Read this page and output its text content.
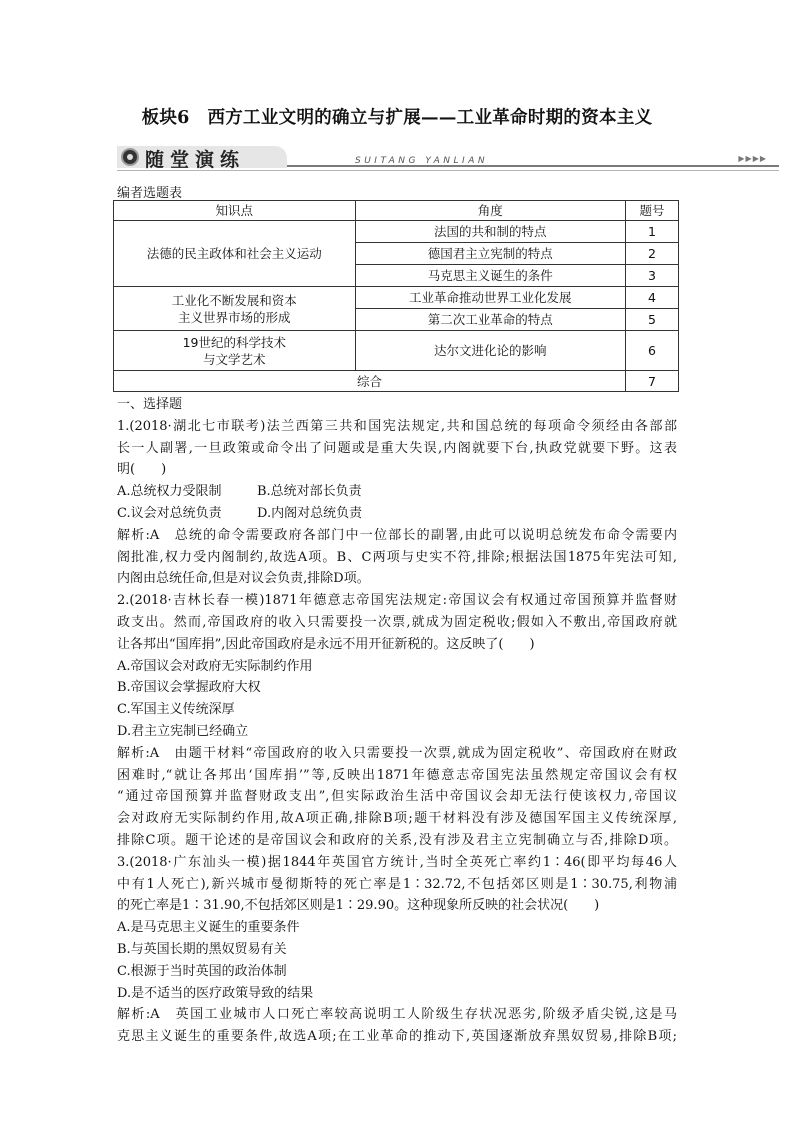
板块6　西方工业文明的确立与扩展——工业革命时期的资本主义
随堂演练	SUITANG YANLIAN	▶▶▶▶
编者选题表
知识点	角度	题号
法德的民主政体和社会主义运动	法国的共和制的特点	1
	德国君主立宪制的特点	2
	马克思主义诞生的条件	3

工业化不断发展和资本
主义世界市场的形成	工业革命推动世界工业化发展	4
	第二次工业革命的特点	5

19世纪的科学技术
与文学艺术	达尔文进化论的影响	6
综合		7

一、选择题

1.(2018·湖北七市联考)法兰西第三共和国宪法规定,共和国总统的每项命令须经由各部部

长一人副署,一旦政策或命令出了问题或是重大失误,内阁就要下台,执政党就要下野。这表

明(　　)

A.总统权力受限制	B.总统对部长负责

C.议会对总统负责	D.内阁对总统负责

解析:A　总统的命令需要政府各部门中一位部长的副署,由此可以说明总统发布命令需要内

阁批准,权力受内阁制约,故选A项。B、C两项与史实不符,排除;根据法国1875年宪法可知,

内阁由总统任命,但是对议会负责,排除D项。

2.(2018·吉林长春一模)1871年德意志帝国宪法规定:帝国议会有权通过帝国预算并监督财

政支出。然而,帝国政府的收入只需要投一次票,就成为固定税收;假如入不敷出,帝国政府就

让各邦出“国库捐”,因此帝国政府是永远不用开征新税的。这反映了(　　)

A.帝国议会对政府无实际制约作用

B.帝国议会掌握政府大权

C.军国主义传统深厚

D.君主立宪制已经确立

解析:A　由题干材料“帝国政府的收入只需要投一次票,就成为固定税收”、帝国政府在财政

困难时,“就让各邦出‘国库捐’”等,反映出1871年德意志帝国宪法虽然规定帝国议会有权

“通过帝国预算并监督财政支出”,但实际政治生活中帝国议会却无法行使该权力,帝国议

会对政府无实际制约作用,故A项正确,排除B项;题干材料没有涉及德国军国主义传统深厚,

排除C项。题干论述的是帝国议会和政府的关系,没有涉及君主立宪制确立与否,排除D项。

3.(2018·广东汕头一模)据1844年英国官方统计,当时全英死亡率约1∶46(即平均每46人

中有1人死亡),新兴城市曼彻斯特的死亡率是1∶32.72,不包括郊区则是1∶30.75,利物浦

的死亡率是1∶31.90,不包括郊区则是1∶29.90。这种现象所反映的社会状况(　　)

A.是马克思主义诞生的重要条件

B.与英国长期的黑奴贸易有关

C.根源于当时英国的政治体制

D.是不适当的医疗政策导致的结果

解析:A　英国工业城市人口死亡率较高说明工人阶级生存状况恶劣,阶级矛盾尖锐,这是马

克思主义诞生的重要条件,故选A项;在工业革命的推动下,英国逐渐放弃黑奴贸易,排除B项;
